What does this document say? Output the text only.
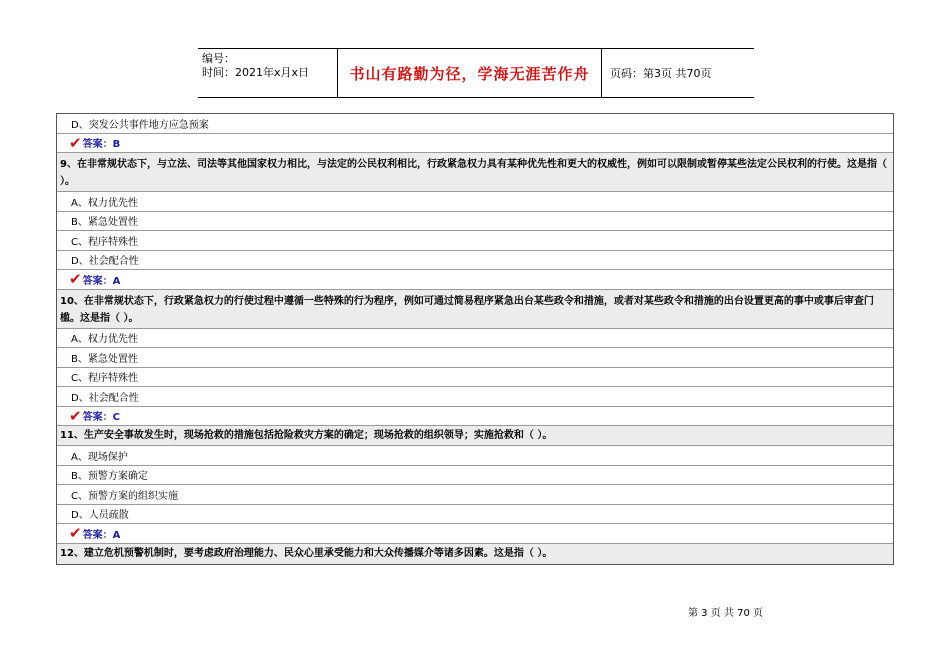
编号：
时间：2021年x月x日	书山有路勤为径，学海无涯苦作舟	页码：第3页 共70页
D、突发公共事件地方应急预案
✔ 答案：B
9、在非常规状态下，与立法、司法等其他国家权力相比，与法定的公民权利相比，行政紧急权力具有某种优先性和更大的权威性，例如可以限制或暂停某些法定公民权利的行使。这是指（ ）。
A、权力优先性
B、紧急处置性
C、程序特殊性
D、社会配合性
✔ 答案：A
10、在非常规状态下，行政紧急权力的行使过程中遵循一些特殊的行为程序，例如可通过简易程序紧急出台某些政令和措施，或者对某些政令和措施的出台设置更高的事中或事后审查门槛。这是指（ ）。
A、权力优先性
B、紧急处置性
C、程序特殊性
D、社会配合性
✔ 答案：C
11、生产安全事故发生时，现场抢救的措施包括抢险救灾方案的确定；现场抢救的组织领导；实施抢救和（ ）。
A、现场保护
B、预警方案确定
C、预警方案的组织实施
D、人员疏散
✔ 答案：A
12、建立危机预警机制时，要考虑政府治理能力、民众心里承受能力和大众传播媒介等诸多因素。这是指（ ）。
第 3 页 共 70 页
